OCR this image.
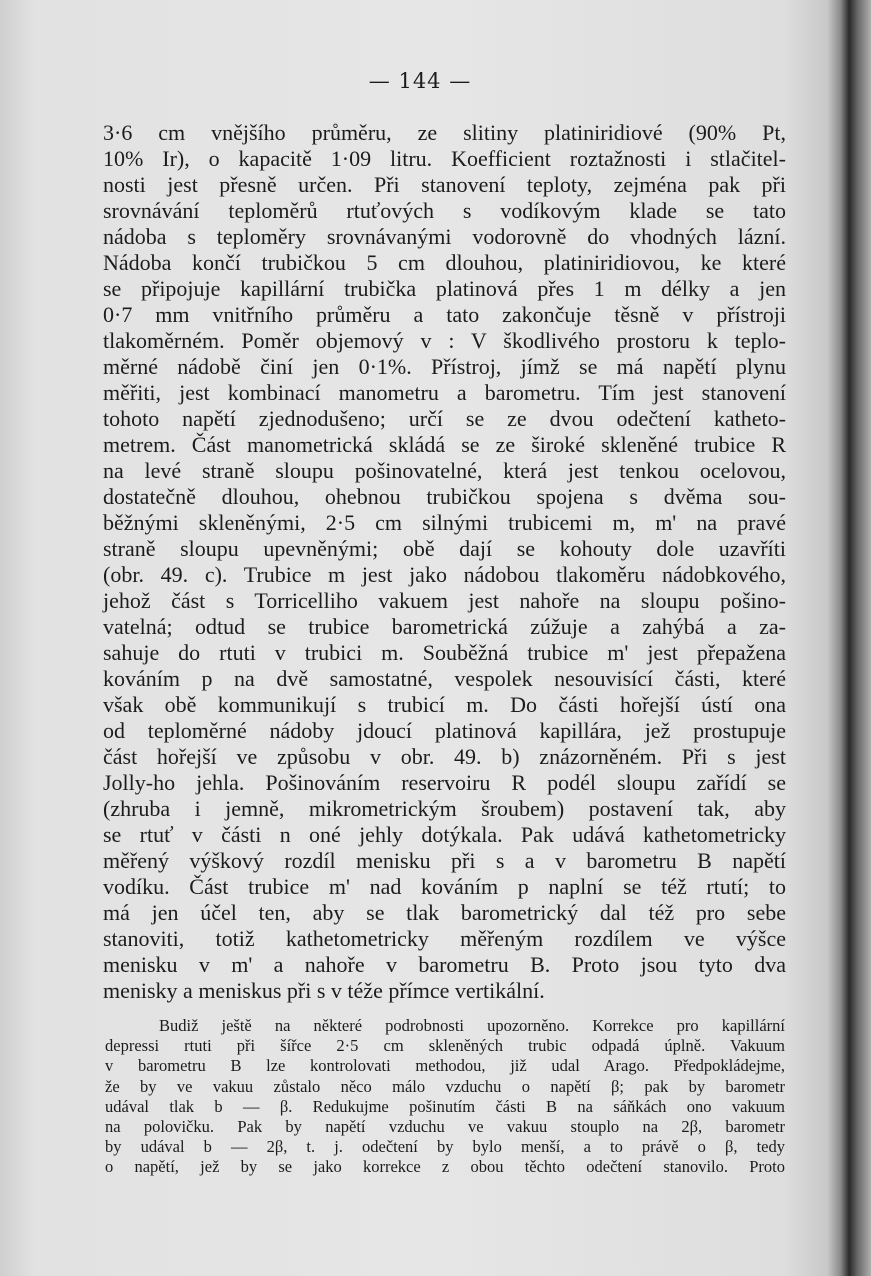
— 144 —
3·6 cm vnějšího průměru, ze slitiny platiniridiové (90% Pt,
10% Ir), o kapacitě 1·09 litru. Koefficient roztažnosti i stlačitel-
nosti jest přesně určen. Při stanovení teploty, zejména pak při
srovnávání teploměrů rtuťových s vodíkovým klade se tato
nádoba s teploměry srovnávanými vodorovně do vhodných lázní.
Nádoba končí trubičkou 5 cm dlouhou, platiniridiovou, ke které
se připojuje kapillární trubička platinová přes 1 m délky a jen
0·7 mm vnitřního průměru a tato zakončuje těsně v přístroji
tlakoměrném. Poměr objemový v : V škodlivého prostoru k teplo-
měrné nádobě činí jen 0·1%. Přístroj, jímž se má napětí plynu
měřiti, jest kombinací manometru a barometru. Tím jest stanovení
tohoto napětí zjednodušeno; určí se ze dvou odečtení katheto-
metrem. Část manometrická skládá se ze široké skleněné trubice R
na levé straně sloupu pošinovatelné, která jest tenkou ocelovou,
dostatečně dlouhou, ohebnou trubičkou spojena s dvěma sou-
běžnými skleněnými, 2·5 cm silnými trubicemi m, m' na pravé
straně sloupu upevněnými; obě dají se kohouty dole uzavříti
(obr. 49. c). Trubice m jest jako nádobou tlakoměru nádobkového,
jehož část s Torricelliho vakuem jest nahoře na sloupu pošino-
vatelná; odtud se trubice barometrická zúžuje a zahýbá a za-
sahuje do rtuti v trubici m. Souběžná trubice m' jest přepažena
kováním p na dvě samostatné, vespolek nesouvisící části, které
však obě kommunikují s trubicí m. Do části hořejší ústí ona
od teploměrné nádoby jdoucí platinová kapillára, jež prostupuje
část hořejší ve způsobu v obr. 49. b) znázorněném. Při s jest
Jolly-ho jehla. Pošinováním reservoiru R podél sloupu zařídí se
(zhruba i jemně, mikrometrickým šroubem) postavení tak, aby
se rtuť v části n oné jehly dotýkala. Pak udává kathetometricky
měřený výškový rozdíl menisku při s a v barometru B napětí
vodíku. Část trubice m' nad kováním p naplní se též rtutí; to
má jen účel ten, aby se tlak barometrický dal též pro sebe
stanoviti, totiž kathetometricky měřeným rozdílem ve výšce
menisku v m' a nahoře v barometru B. Proto jsou tyto dva
menisky a meniskus při s v téže přímce vertikální.
Budiž ještě na některé podrobnosti upozorněno. Korrekce pro kapillární
depressi rtuti při šířce 2·5 cm skleněných trubic odpadá úplně. Vakuum
v barometru B lze kontrolovati methodou, již udal Arago. Předpokládejme,
že by ve vakuu zůstalo něco málo vzduchu o napětí β; pak by barometr
udával tlak b — β. Redukujme pošinutím části B na sáňkách ono vakuum
na polovičku. Pak by napětí vzduchu ve vakuu stouplo na 2β, barometr
by udával b — 2β, t. j. odečtení by bylo menší, a to právě o β, tedy
o napětí, jež by se jako korrekce z obou těchto odečtení stanovilo. Proto
